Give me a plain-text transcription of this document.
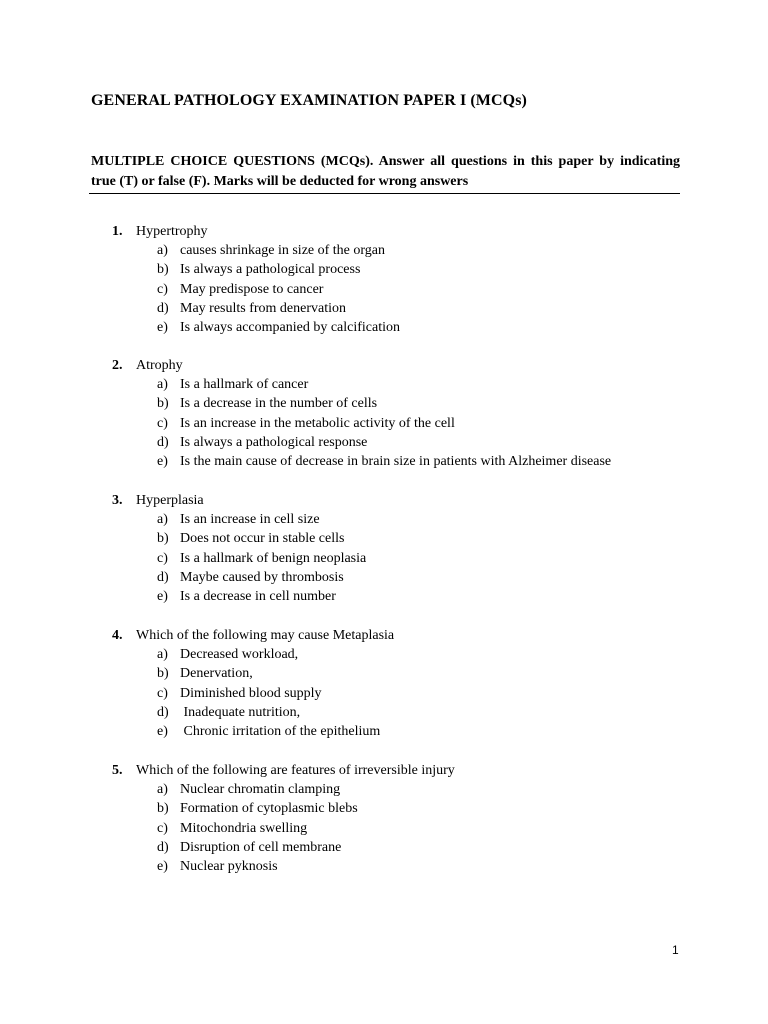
GENERAL PATHOLOGY EXAMINATION PAPER I (MCQs)
MULTIPLE CHOICE QUESTIONS (MCQs). Answer all questions in this paper by indicating true (T) or false (F). Marks will be deducted for wrong answers
1. Hypertrophy
a) causes shrinkage in size of the organ
b) Is always a pathological process
c) May predispose to cancer
d) May results from denervation
e) Is always accompanied by calcification
2. Atrophy
a) Is a hallmark of cancer
b) Is a decrease in the number of cells
c) Is an increase in the metabolic activity of the cell
d) Is always a pathological response
e) Is the main cause of decrease in brain size in patients with Alzheimer disease
3. Hyperplasia
a) Is an increase in cell size
b) Does not occur in stable cells
c) Is a hallmark of benign neoplasia
d) Maybe caused by thrombosis
e) Is a decrease in cell number
4. Which of the following may cause Metaplasia
a) Decreased workload,
b) Denervation,
c) Diminished blood supply
d) Inadequate nutrition,
e) Chronic irritation of the epithelium
5. Which of the following are features of irreversible injury
a) Nuclear chromatin clamping
b) Formation of cytoplasmic blebs
c) Mitochondria swelling
d) Disruption of cell membrane
e) Nuclear pyknosis
1
